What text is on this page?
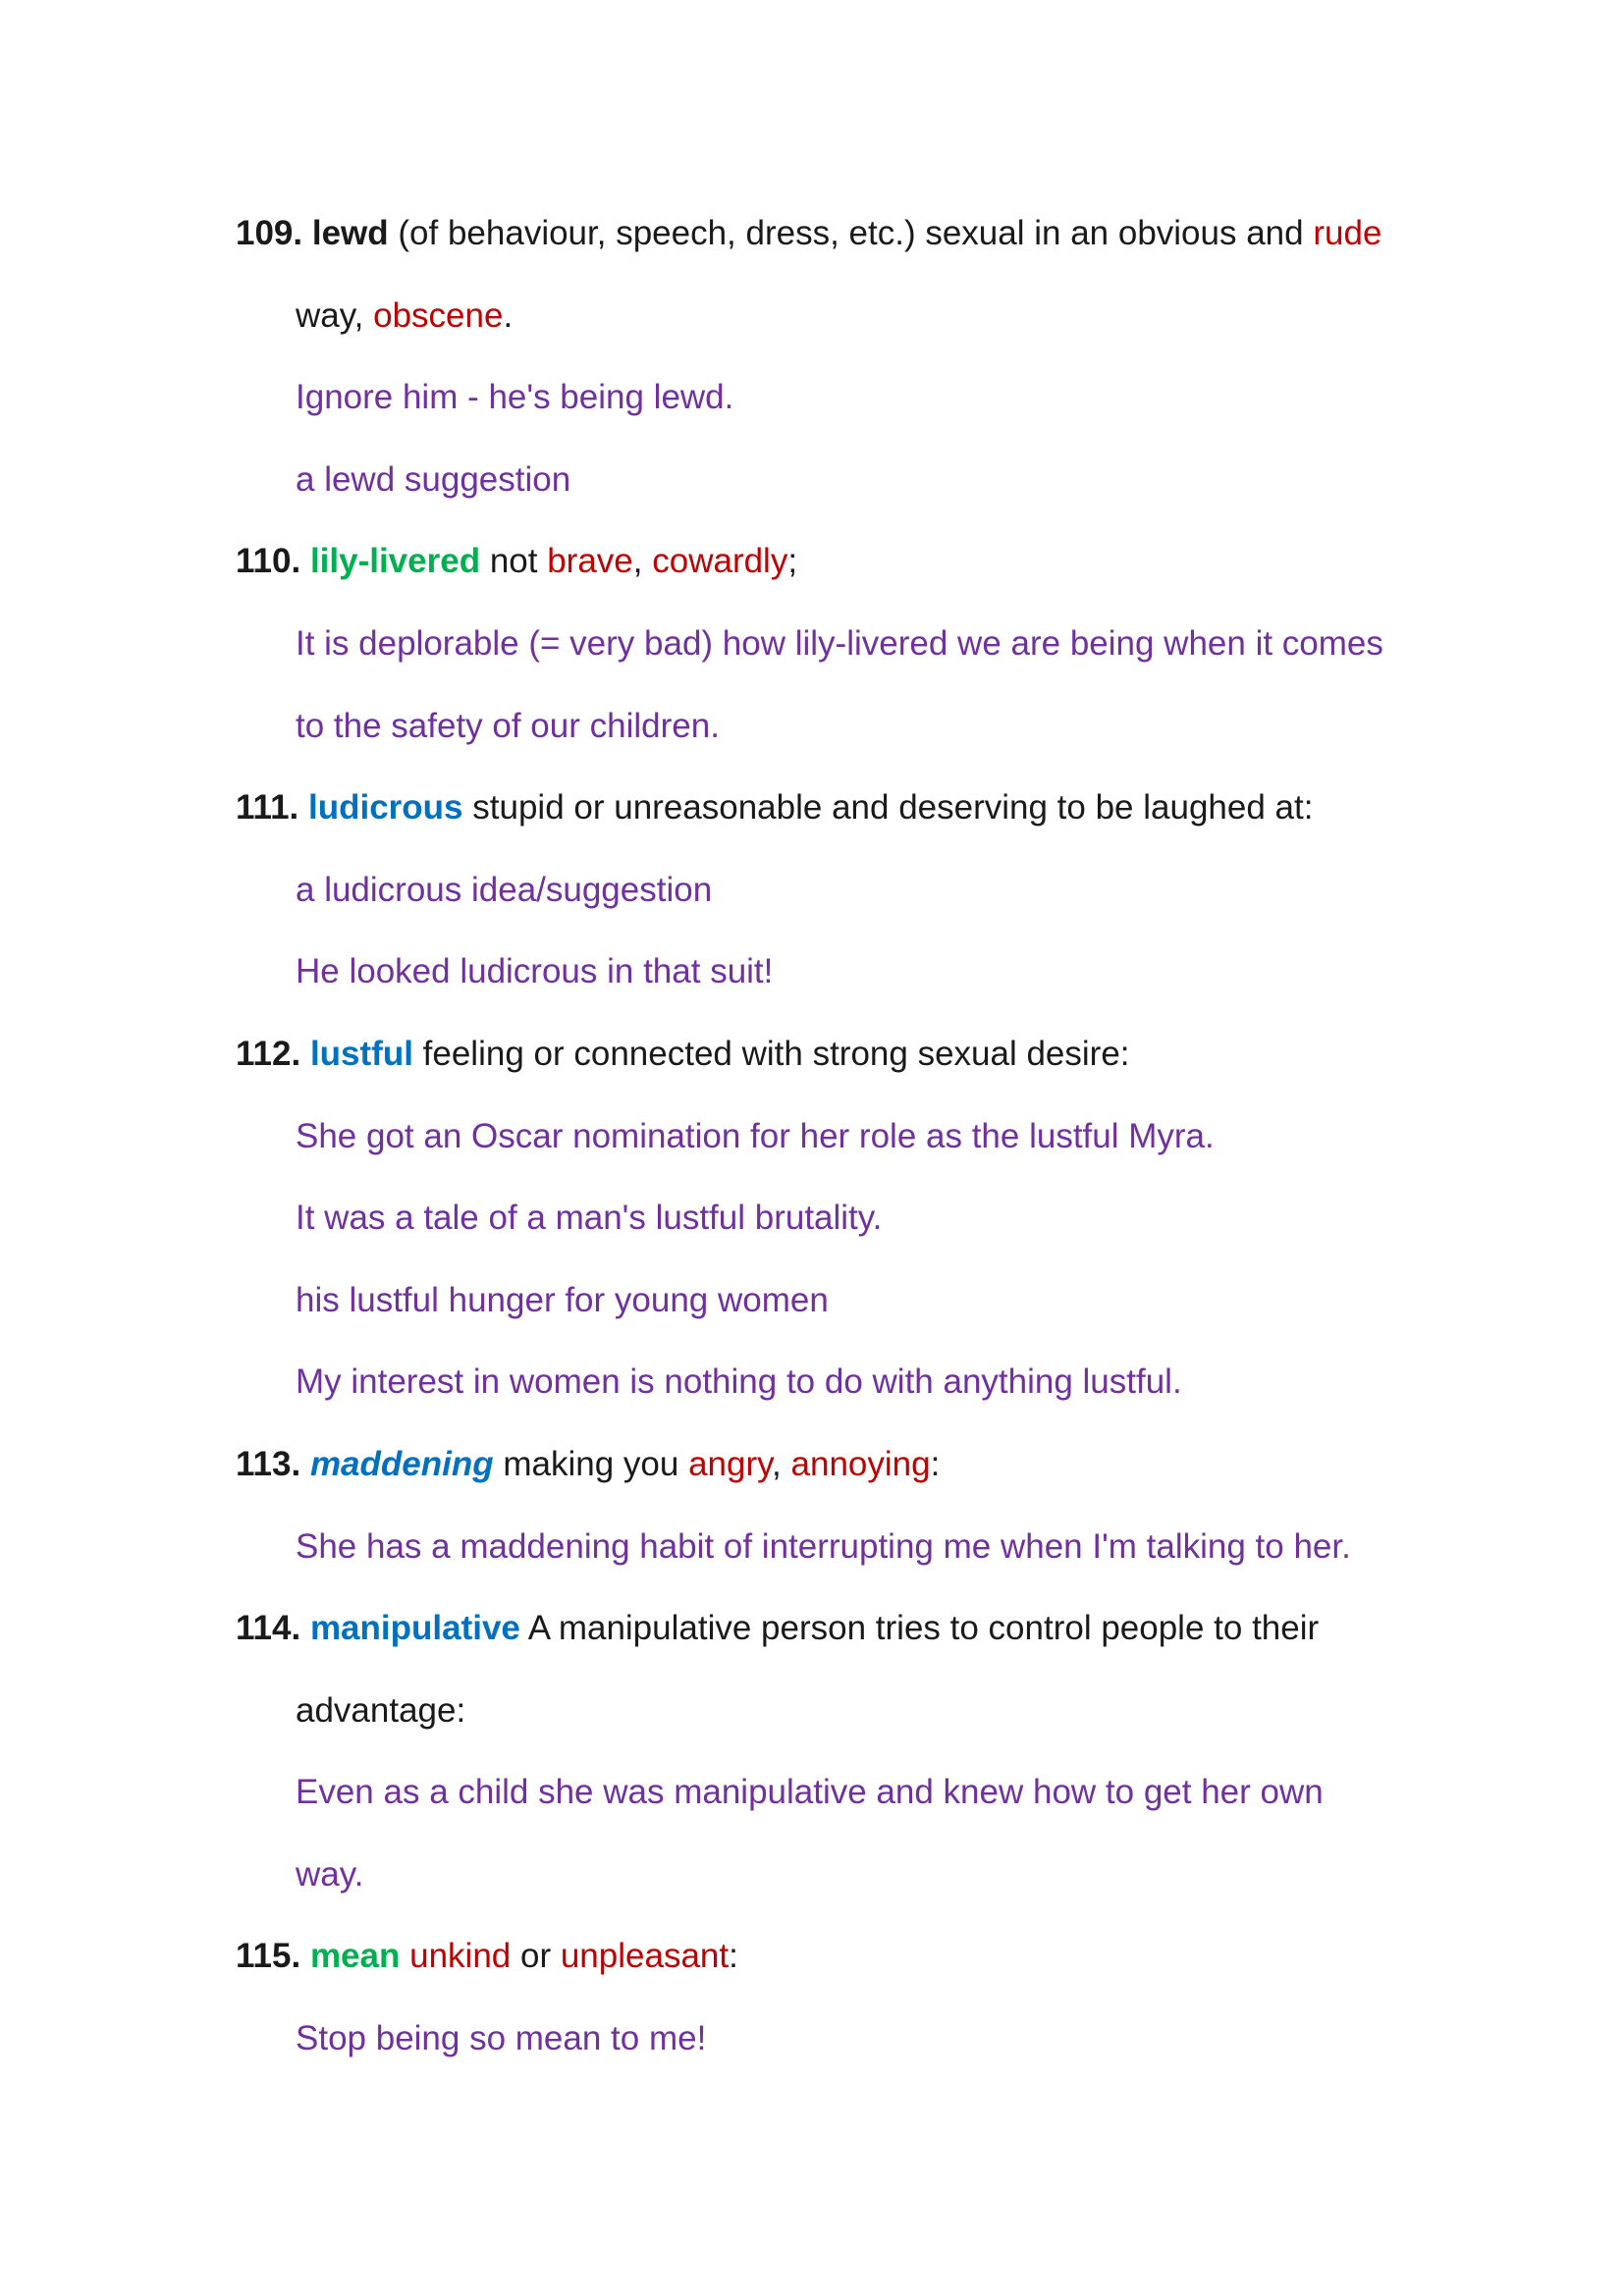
109. lewd (of behaviour, speech, dress, etc.) sexual in an obvious and rude
way, obscene.
Ignore him - he's being lewd.
a lewd suggestion
110. lily-livered not brave, cowardly;
It is deplorable (= very bad) how lily-livered we are being when it comes
to the safety of our children.
111. ludicrous stupid or unreasonable and deserving to be laughed at:
a ludicrous idea/suggestion
He looked ludicrous in that suit!
112. lustful feeling or connected with strong sexual desire:
She got an Oscar nomination for her role as the lustful Myra.
It was a tale of a man's lustful brutality.
his lustful hunger for young women
My interest in women is nothing to do with anything lustful.
113. maddening making you angry, annoying:
She has a maddening habit of interrupting me when I'm talking to her.
114. manipulative A manipulative person tries to control people to their
advantage:
Even as a child she was manipulative and knew how to get her own
way.
115. mean unkind or unpleasant:
Stop being so mean to me!
